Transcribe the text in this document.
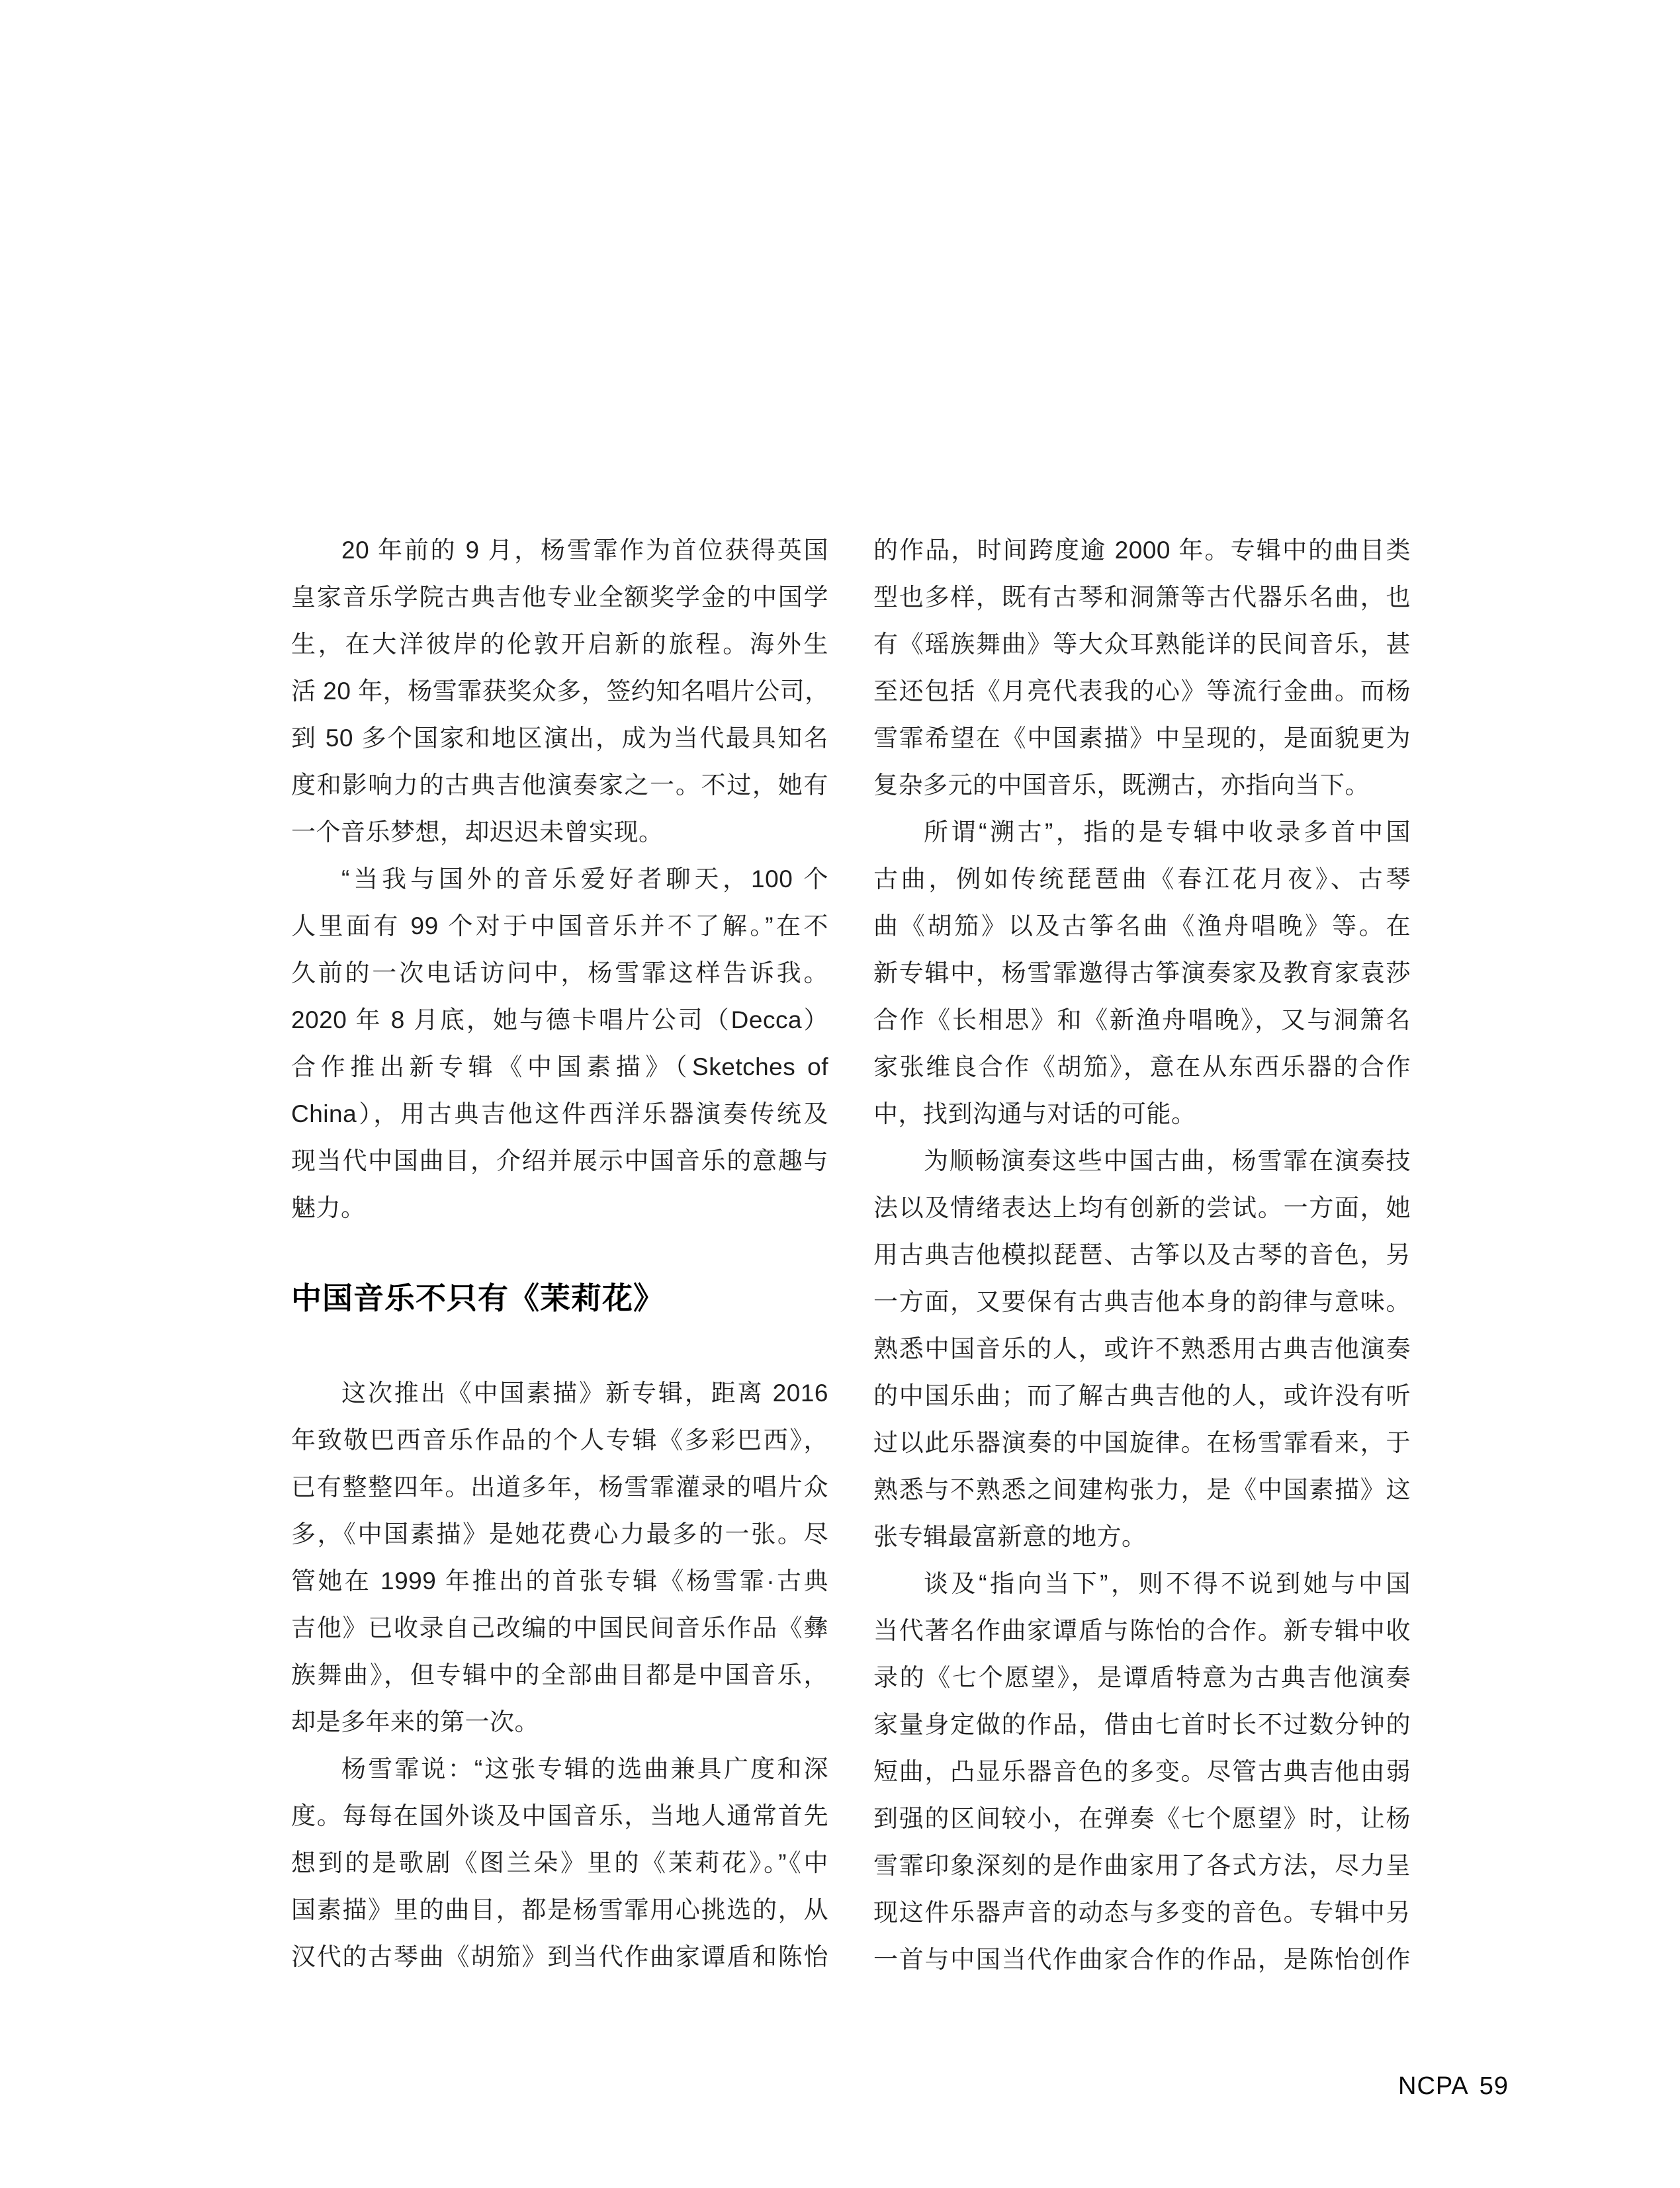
20 年前的 9 月，杨雪霏作为首位获得英国
皇家音乐学院古典吉他专业全额奖学金的中国学
生，在大洋彼岸的伦敦开启新的旅程。海外生
活 20 年，杨雪霏获奖众多，签约知名唱片公司，
到 50 多个国家和地区演出，成为当代最具知名
度和影响力的古典吉他演奏家之一。不过，她有
一个音乐梦想，却迟迟未曾实现。
“当我与国外的音乐爱好者聊天，100 个
人里面有 99 个对于中国音乐并不了解。”在不
久前的一次电话访问中，杨雪霏这样告诉我。
2020 年 8 月底，她与德卡唱片公司（Decca）
合作推出新专辑《中国素描》（Sketches of
China），用古典吉他这件西洋乐器演奏传统及
现当代中国曲目，介绍并展示中国音乐的意趣与
魅力。
中国音乐不只有《茉莉花》
这次推出《中国素描》新专辑，距离 2016
年致敬巴西音乐作品的个人专辑《多彩巴西》，
已有整整四年。出道多年，杨雪霏灌录的唱片众
多，《中国素描》是她花费心力最多的一张。尽
管她在 1999 年推出的首张专辑《杨雪霏·古典
吉他》已收录自己改编的中国民间音乐作品《彝
族舞曲》，但专辑中的全部曲目都是中国音乐，
却是多年来的第一次。
杨雪霏说：“这张专辑的选曲兼具广度和深
度。每每在国外谈及中国音乐，当地人通常首先
想到的是歌剧《图兰朵》里的《茉莉花》。”《中
国素描》里的曲目，都是杨雪霏用心挑选的，从
汉代的古琴曲《胡笳》到当代作曲家谭盾和陈怡
的作品，时间跨度逾 2000 年。专辑中的曲目类
型也多样，既有古琴和洞箫等古代器乐名曲，也
有《瑶族舞曲》等大众耳熟能详的民间音乐，甚
至还包括《月亮代表我的心》等流行金曲。而杨
雪霏希望在《中国素描》中呈现的，是面貌更为
复杂多元的中国音乐，既溯古，亦指向当下。
所谓“溯古”，指的是专辑中收录多首中国
古曲，例如传统琵琶曲《春江花月夜》、古琴
曲《胡笳》以及古筝名曲《渔舟唱晚》等。在
新专辑中，杨雪霏邀得古筝演奏家及教育家袁莎
合作《长相思》和《新渔舟唱晚》，又与洞箫名
家张维良合作《胡笳》，意在从东西乐器的合作
中，找到沟通与对话的可能。
为顺畅演奏这些中国古曲，杨雪霏在演奏技
法以及情绪表达上均有创新的尝试。一方面，她
用古典吉他模拟琵琶、古筝以及古琴的音色，另
一方面，又要保有古典吉他本身的韵律与意味。
熟悉中国音乐的人，或许不熟悉用古典吉他演奏
的中国乐曲；而了解古典吉他的人，或许没有听
过以此乐器演奏的中国旋律。在杨雪霏看来，于
熟悉与不熟悉之间建构张力，是《中国素描》这
张专辑最富新意的地方。
谈及“指向当下”，则不得不说到她与中国
当代著名作曲家谭盾与陈怡的合作。新专辑中收
录的《七个愿望》，是谭盾特意为古典吉他演奏
家量身定做的作品，借由七首时长不过数分钟的
短曲，凸显乐器音色的多变。尽管古典吉他由弱
到强的区间较小，在弹奏《七个愿望》时，让杨
雪霏印象深刻的是作曲家用了各式方法，尽力呈
现这件乐器声音的动态与多变的音色。专辑中另
一首与中国当代作曲家合作的作品，是陈怡创作
NCPA 59
